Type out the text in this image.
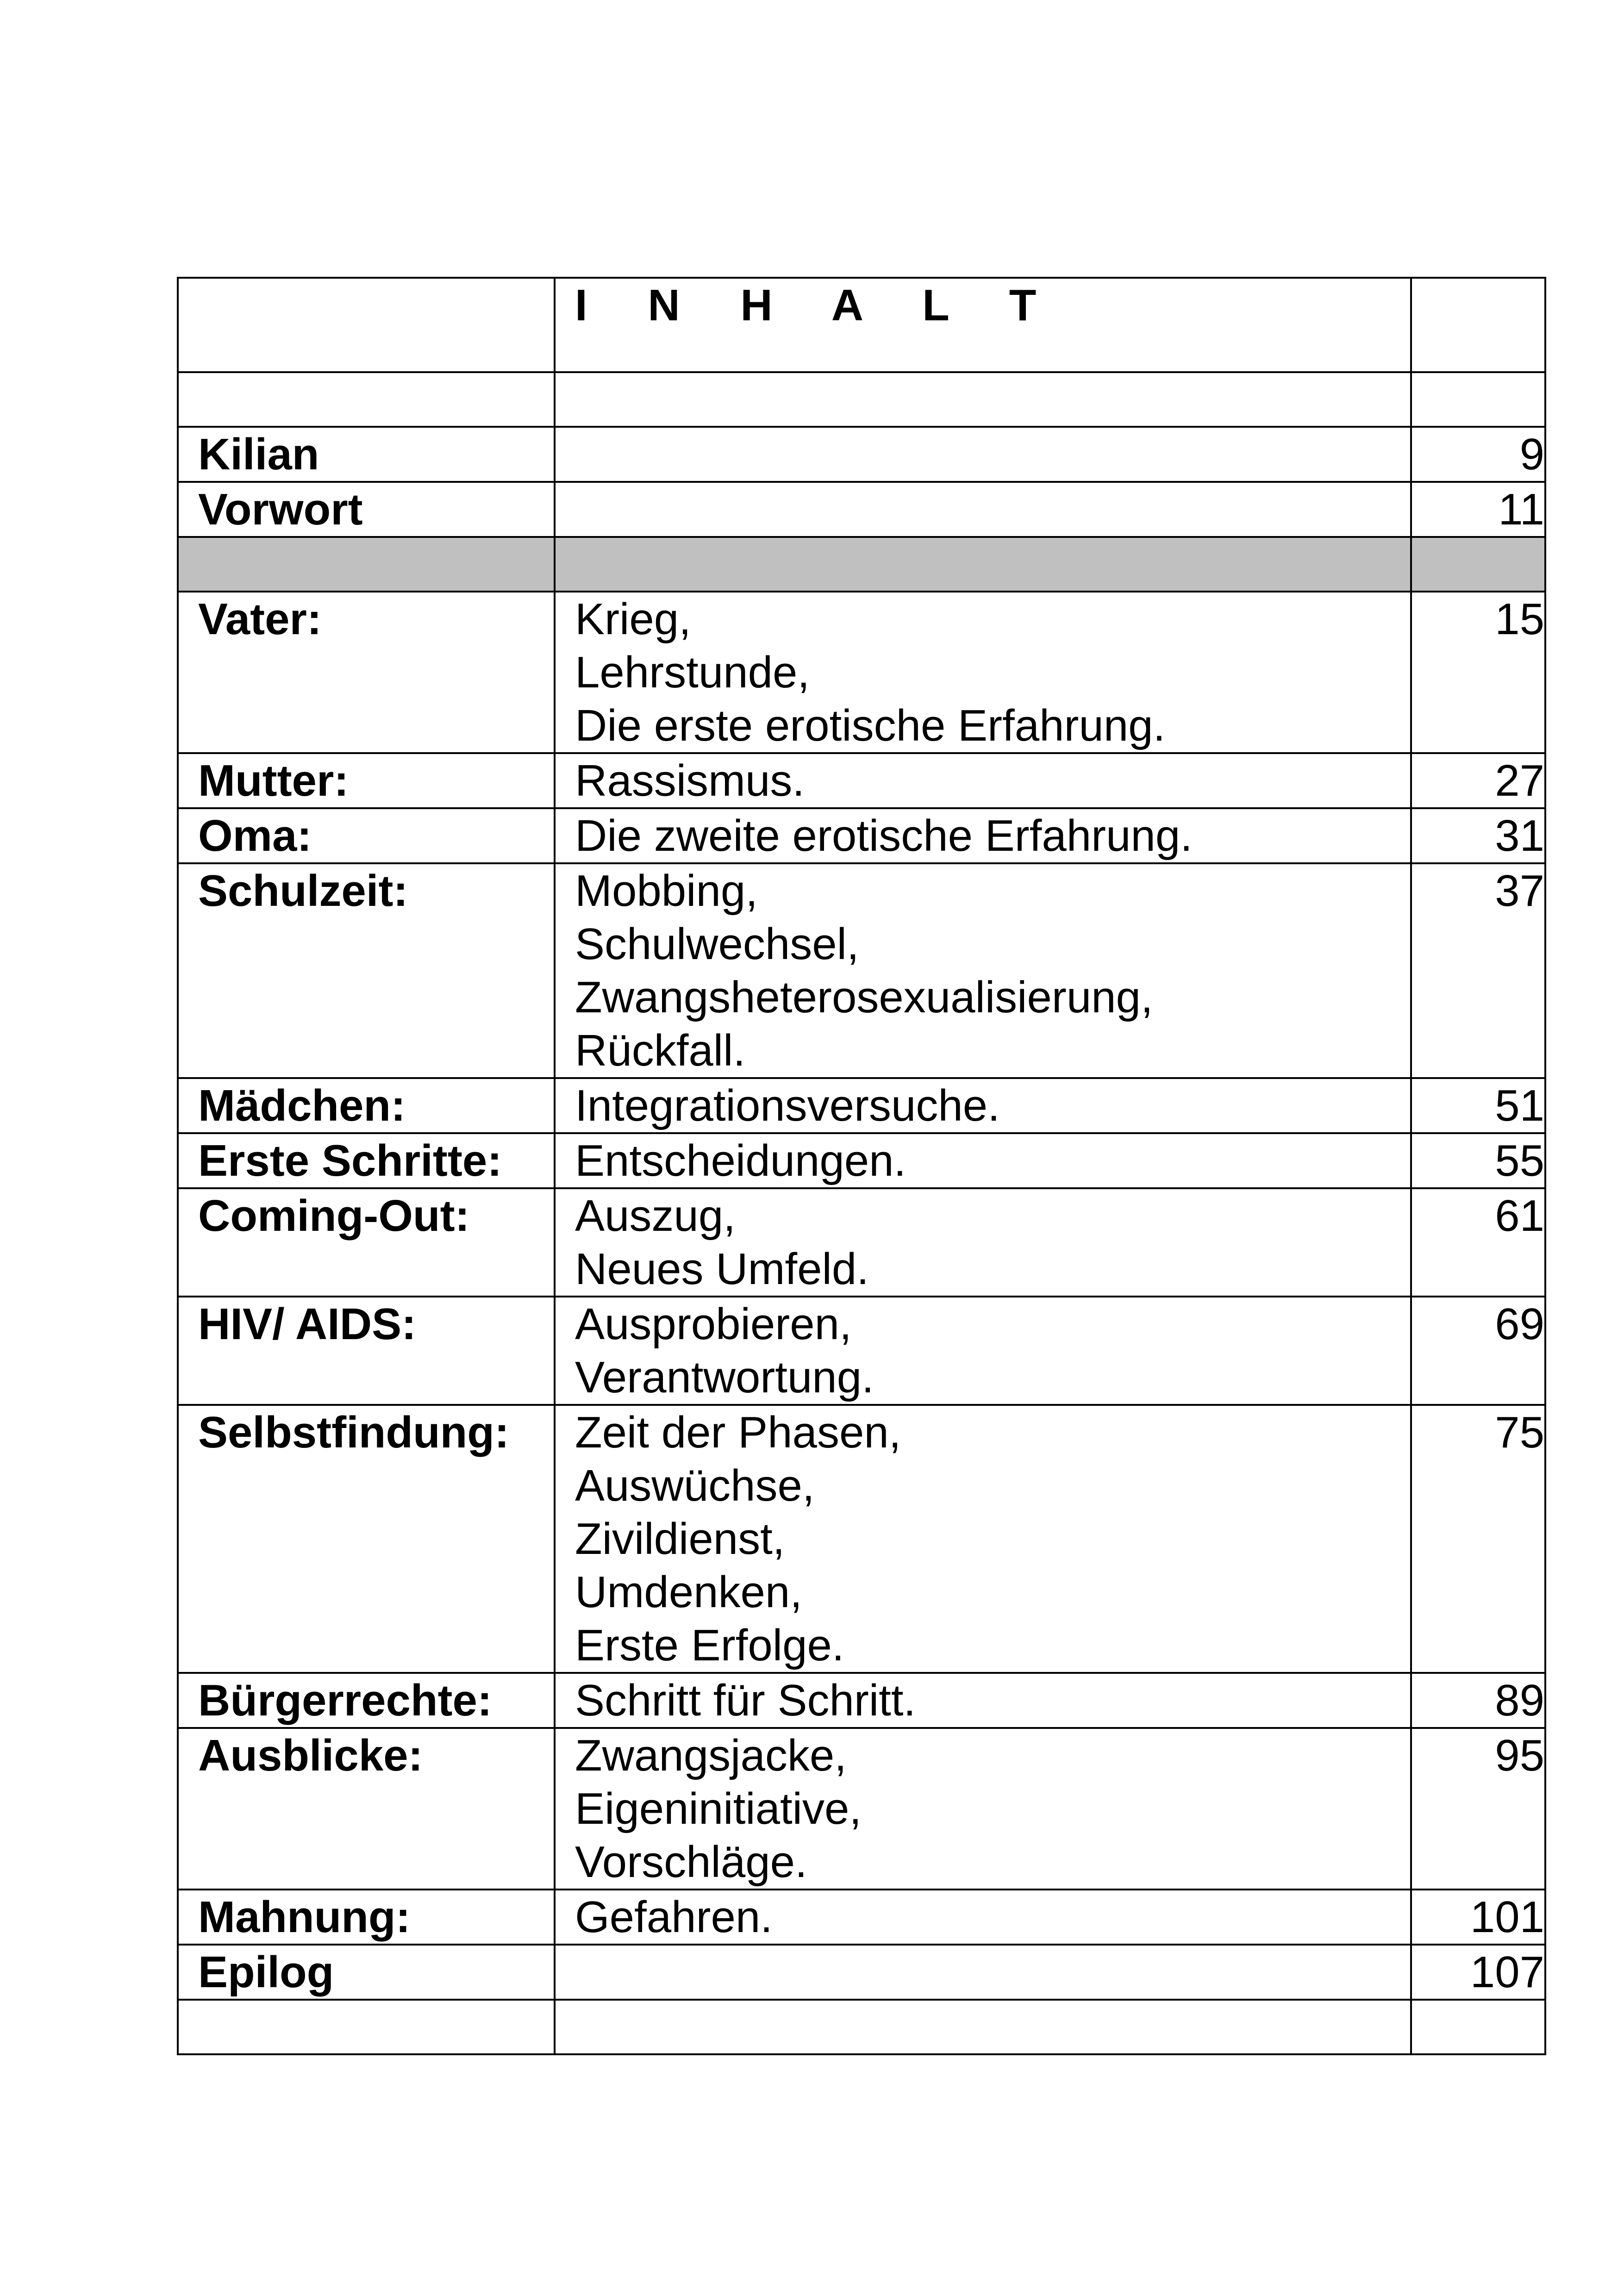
	I N H A L T	

Kilian		9
Vorwort		11

Vater:	Krieg,
Lehrstunde,
Die erste erotische Erfahrung.	15
Mutter:	Rassismus.	27
Oma:	Die zweite erotische Erfahrung.	31
Schulzeit:	Mobbing,
Schulwechsel,
Zwangsheterosexualisierung,
Rückfall.	37
Mädchen:	Integrationsversuche.	51
Erste Schritte:	Entscheidungen.	55
Coming-Out:	Auszug,
Neues Umfeld.	61
HIV/ AIDS:	Ausprobieren,
Verantwortung.	69
Selbstfindung:	Zeit der Phasen,
Auswüchse,
Zivildienst,
Umdenken,
Erste Erfolge.	75
Bürgerrechte:	Schritt für Schritt.	89
Ausblicke:	Zwangsjacke,
Eigeninitiative,
Vorschläge.	95
Mahnung:	Gefahren.	101
Epilog		107
